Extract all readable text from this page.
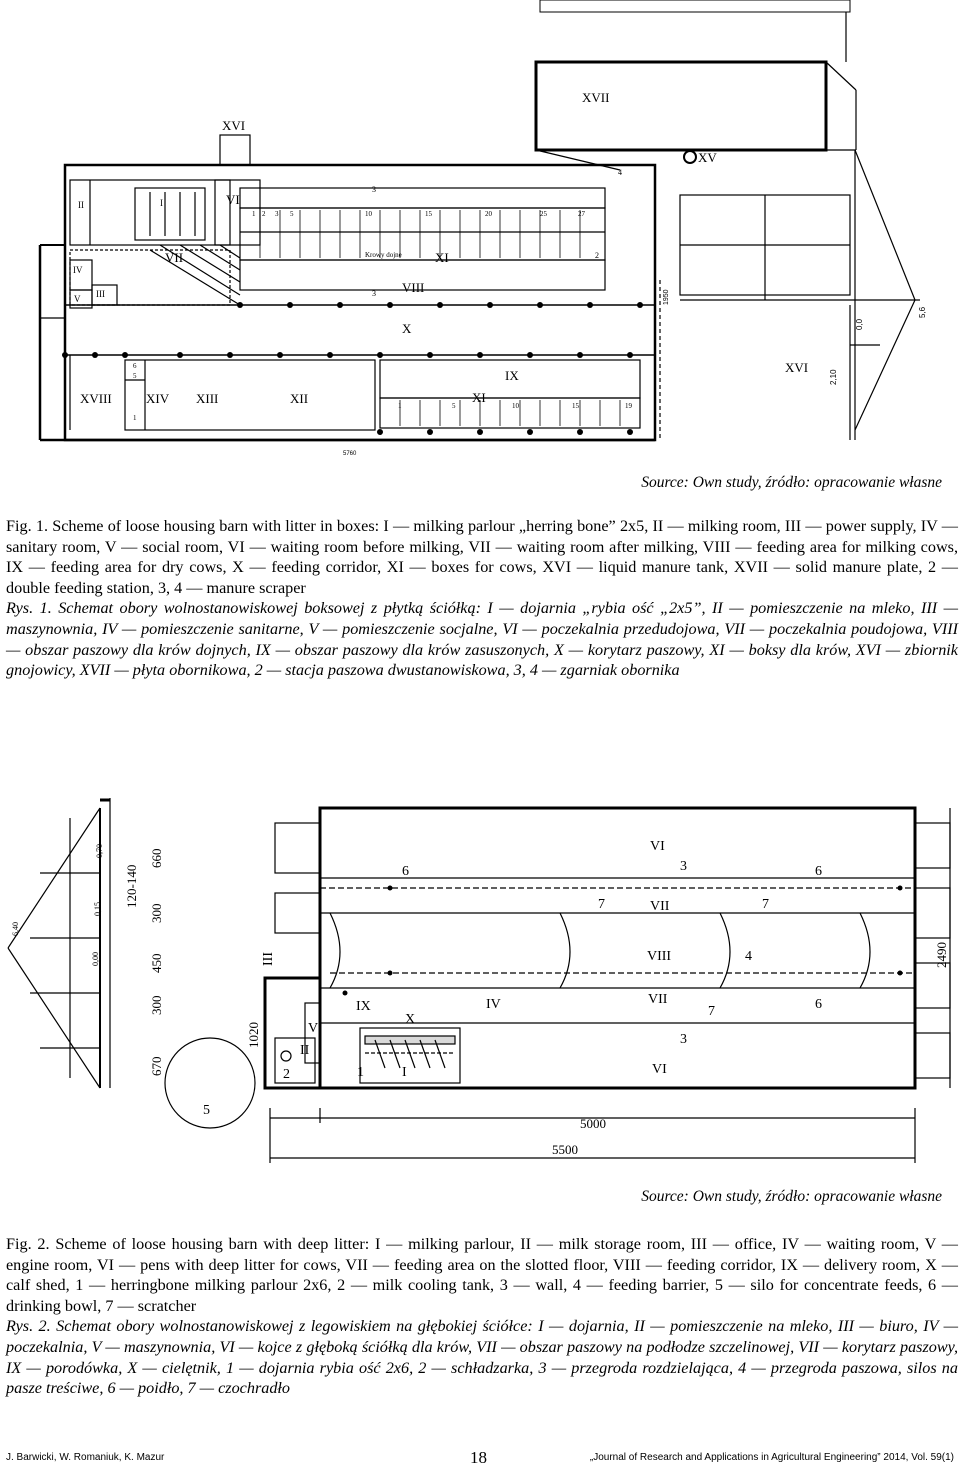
XVII
XV
XVI
XVI
II	I	VI
IV
V III
VII	XI
VIII
X
IX
XI
XVIII	XIV XIII	XII
Krowy dojne
3
4
2
3
6
5
1
5760
1950
0,0
2,10
5,6
1 2 3 5	10	15	20	25	27
1	5	10	15	19
Source: Own study, źródło: opracowanie własne
Fig. 1. Scheme of loose housing barn with litter in boxes: I — milking parlour „herring bone” 2x5, II — milking room, III — power supply, IV — sanitary room, V — social room, VI — waiting room before milking, VII — waiting room after milking, VIII — feeding area for milking cows, IX — feeding area for dry cows, X — feeding corridor, XI — boxes for cows, XVI — liquid manure tank, XVII — solid manure plate, 2 — double feeding station, 3, 4 — manure scraper
Rys. 1. Schemat obory wolnostanowiskowej boksowej z płytką ściółką: I — dojarnia „rybia ość „2x5”, II — pomieszczenie na mleko, III — maszynownia, IV — pomieszczenie sanitarne, V — pomieszczenie socjalne, VI — poczekalnia przedudojowa, VII — poczekalnia poudojowa, VIII — obszar paszowy dla krów dojnych, IX — obszar paszowy dla krów zasuszonych, X — korytarz paszowy, XI — boksy dla krów, XVI — zbiornik gnojowicy, XVII — płyta obornikowa, 2 — stacja paszowa dwustanowiskowa, 3, 4 — zgarniak obornika
VI
3
6	6
7	VII	7
VIII	4
III
IX
X
IV	VII
7	6
V
II
3
2	1	I	VI
5
660
120-140
300
450
300
670
1020
5000
5500
2490
0,70
0,15
0,00
6,40
Source: Own study, źródło: opracowanie własne
Fig. 2. Scheme of loose housing barn with deep litter: I — milking parlour, II — milk storage room, III — office, IV — waiting room, V — engine room, VI — pens with deep litter for cows, VII — feeding area on the slotted floor, VIII — feeding corridor, IX — delivery room, X — calf shed, 1 — herringbone milking parlour 2x6, 2 — milk cooling tank, 3 — wall, 4 — feeding barrier, 5 — silo for concentrate feeds, 6 — drinking bowl, 7 — scratcher
Rys. 2. Schemat obory wolnostanowiskowej z legowiskiem na głębokiej ściółce: I — dojarnia, II — pomieszczenie na mleko, III — biuro, IV — poczekalnia, V — maszynownia, VI — kojce z głęboką ściółką dla krów, VII — obszar paszowy na podłodze szczelinowej, VII — korytarz paszowy, IX — porodówka, X — cielętnik, 1 — dojarnia rybia ość 2x6, 2 — schładzarka, 3 — przegroda rozdzielająca, 4 — przegroda paszowa, silos na pasze treściwe, 6 — poidło, 7 — czochradło
J. Barwicki, W. Romaniuk, K. Mazur	18	„Journal of Research and Applications in Agricultural Engineering” 2014, Vol. 59(1)
